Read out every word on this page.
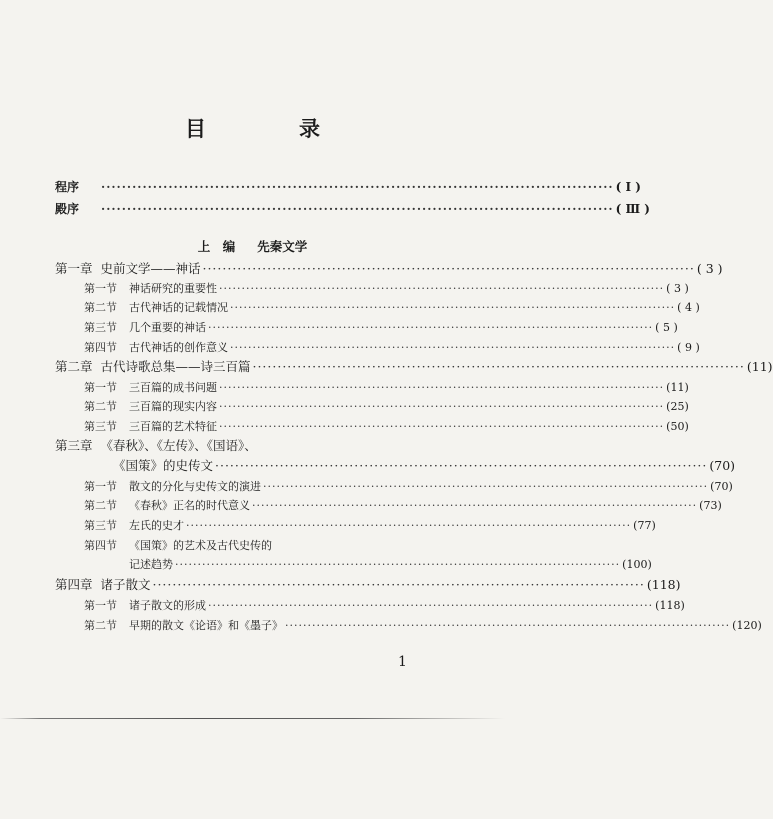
目　录
程序 ··································································································· ( I )
殿序 ··································································································· ( Ⅲ )
上　编 先秦文学
第一章 史前文学——神话 ··································································································· ( 3 )
第一节 神话研究的重要性 ··································································································· ( 3 )
第二节 古代神话的记载情况 ··································································································· ( 4 )
第三节 几个重要的神话 ··································································································· ( 5 )
第四节 古代神话的创作意义 ··································································································· ( 9 )
第二章 古代诗歌总集——诗三百篇 ··································································································· (11)
第一节 三百篇的成书问题 ··································································································· (11)
第二节 三百篇的现实内容 ··································································································· (25)
第三节 三百篇的艺术特征 ··································································································· (50)
第三章 《春秋》、《左传》、《国语》、
《国策》的史传文 ··································································································· (70)
第一节 散文的分化与史传文的演进 ··································································································· (70)
第二节 《春秋》正名的时代意义 ··································································································· (73)
第三节 左氏的史才 ··································································································· (77)
第四节 《国策》的艺术及古代史传的
记述趋势 ··································································································· (100)
第四章 诸子散文 ··································································································· (118)
第一节 诸子散文的形成 ··································································································· (118)
第二节 早期的散文《论语》和《墨子》 ··································································································· (120)
1
